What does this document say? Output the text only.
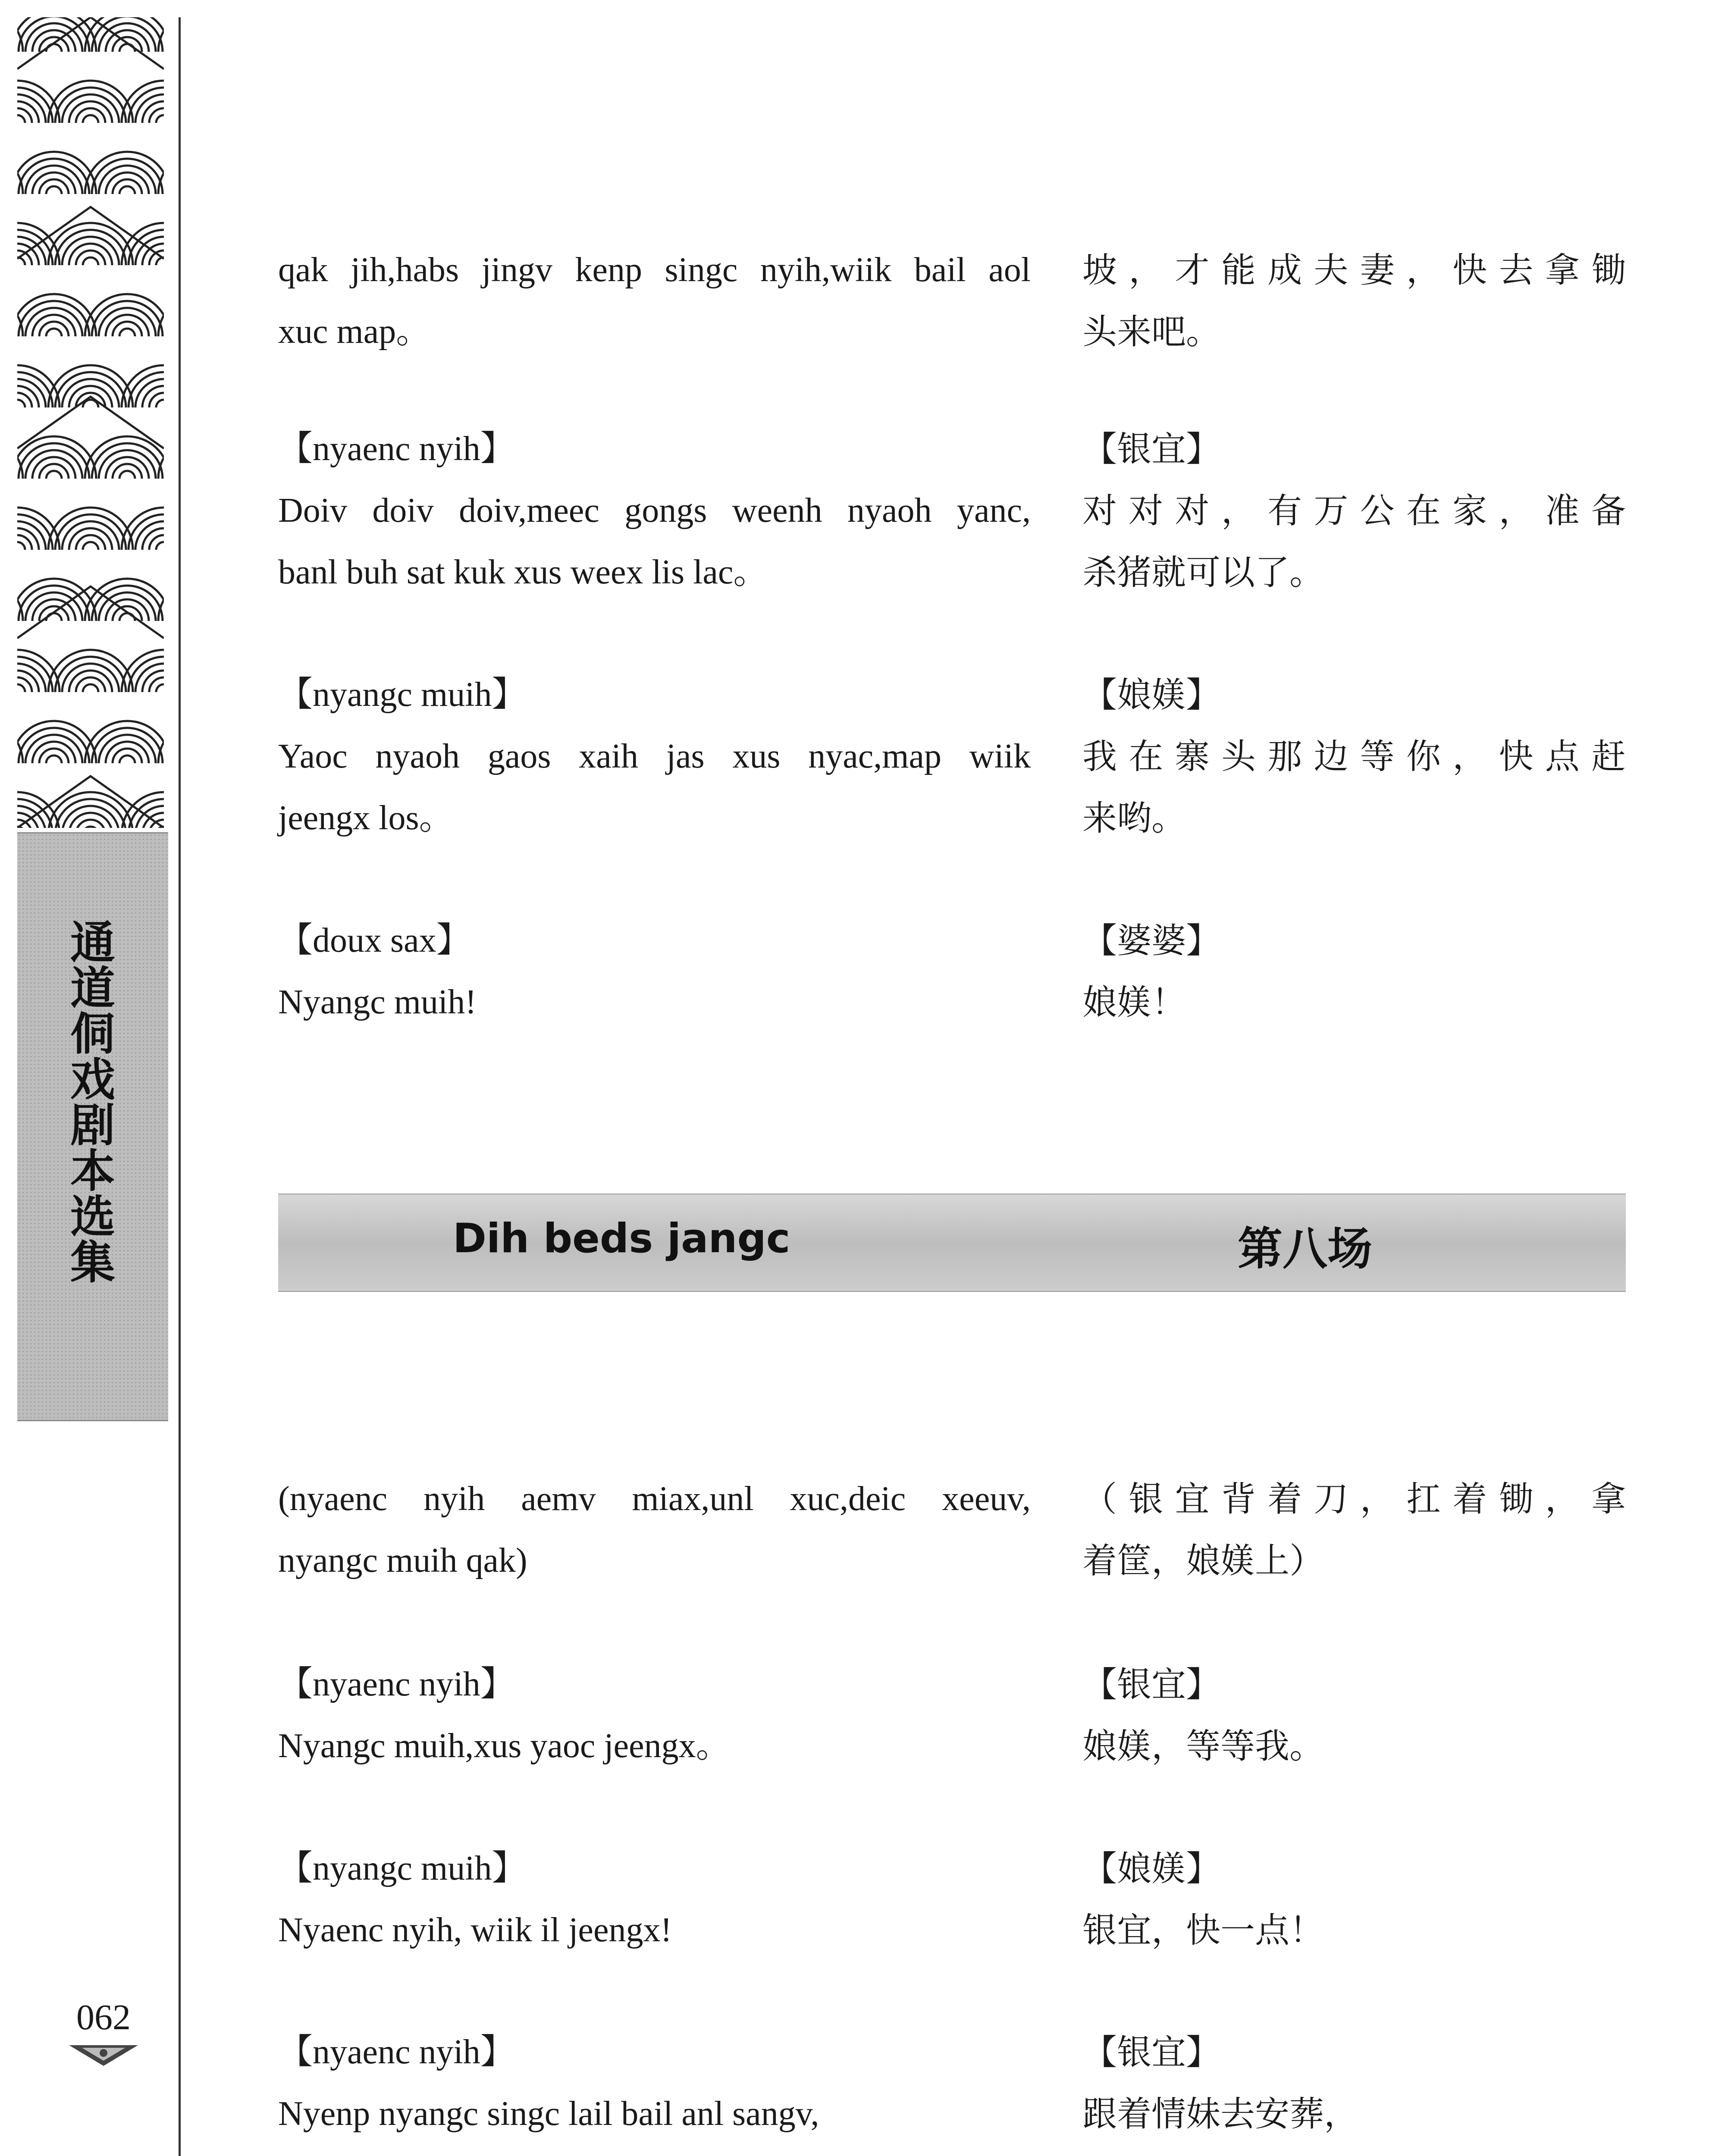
通
道
侗
戏
剧
本
选
集
062
qak jih,habs jingv kenp singc nyih,wiik bail aol
xuc map。
坡，才能成夫妻，快去拿锄
头来吧。
【nyaenc nyih】
Doiv doiv doiv,meec gongs weenh nyaoh yanc,
banl buh sat kuk xus weex lis lac。
【银宜】
对对对，有万公在家，准备
杀猪就可以了。
【nyangc muih】
Yaoc nyaoh gaos xaih jas xus nyac,map wiik
jeengx los。
【娘媄】
我在寨头那边等你，快点赶
来哟。
【doux sax】
Nyangc muih!
【婆婆】
娘媄！
Dih beds jangc	第八场
(nyaenc nyih aemv miax,unl xuc,deic xeeuv,
nyangc muih qak)
（银宜背着刀，扛着锄，拿
着筐，娘媄上）
【nyaenc nyih】
Nyangc muih,xus yaoc jeengx。
【银宜】
娘媄，等等我。
【nyangc muih】
Nyaenc nyih, wiik il jeengx!
【娘媄】
银宜，快一点！
【nyaenc nyih】
Nyenp nyangc singc lail bail anl sangv,
【银宜】
跟着情妹去安葬，
